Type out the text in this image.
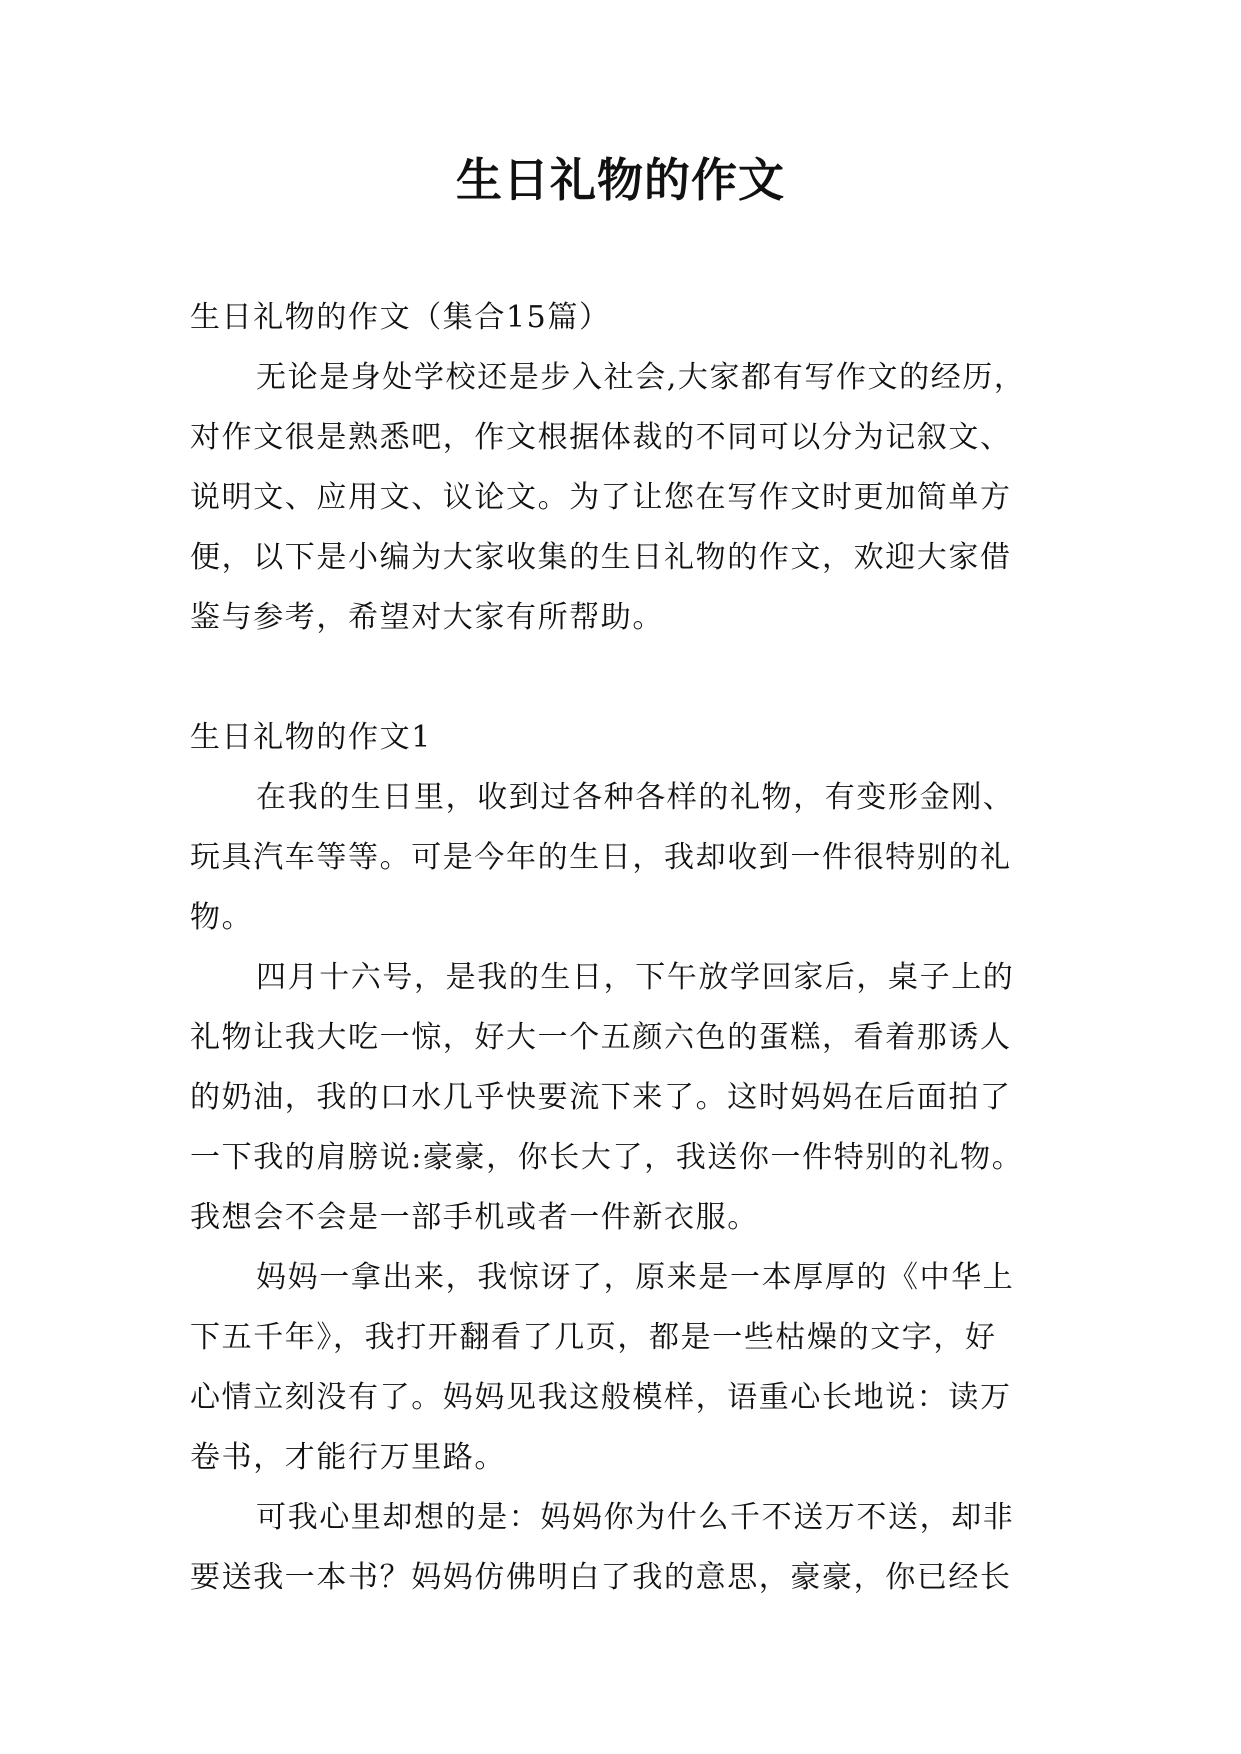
生日礼物的作文
生日礼物的作文（集合15篇）
无论是身处学校还是步入社会,大家都有写作文的经历，
对作文很是熟悉吧，作文根据体裁的不同可以分为记叙文、
说明文、应用文、议论文。为了让您在写作文时更加简单方
便，以下是小编为大家收集的生日礼物的作文，欢迎大家借
鉴与参考，希望对大家有所帮助。
生日礼物的作文1
在我的生日里，收到过各种各样的礼物，有变形金刚、
玩具汽车等等。可是今年的生日，我却收到一件很特别的礼
物。
四月十六号，是我的生日，下午放学回家后，桌子上的
礼物让我大吃一惊，好大一个五颜六色的蛋糕，看着那诱人
的奶油，我的口水几乎快要流下来了。这时妈妈在后面拍了
一下我的肩膀说:豪豪，你长大了，我送你一件特别的礼物。
我想会不会是一部手机或者一件新衣服。
妈妈一拿出来，我惊讶了，原来是一本厚厚的《中华上
下五千年》，我打开翻看了几页，都是一些枯燥的文字，好
心情立刻没有了。妈妈见我这般模样，语重心长地说：读万
卷书，才能行万里路。
可我心里却想的是：妈妈你为什么千不送万不送，却非
要送我一本书？妈妈仿佛明白了我的意思，豪豪，你已经长
